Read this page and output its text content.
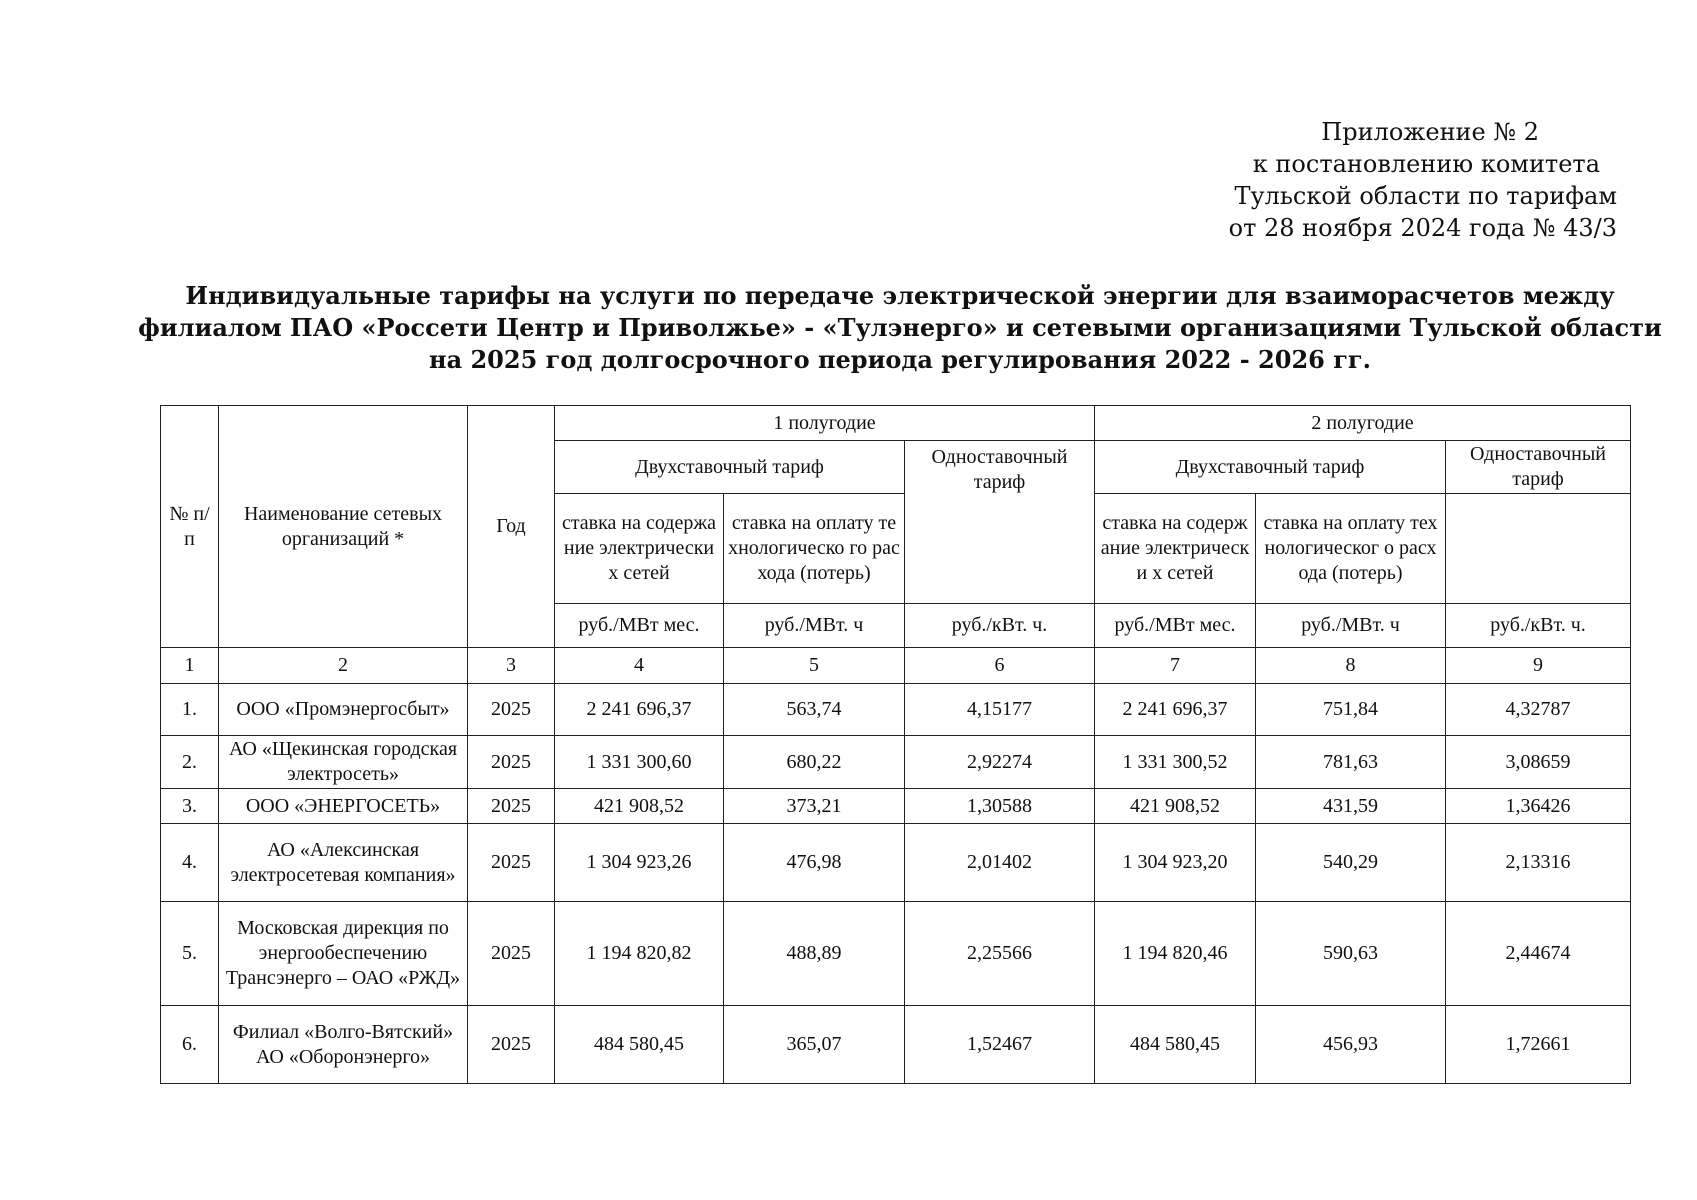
Приложение № 2
к постановлению комитета
Тульской области по тарифам
от 28 ноября 2024 года № 43/3
Индивидуальные тарифы на услуги по передаче электрической энергии для взаиморасчетов между
филиалом ПАО «Россети Центр и Приволжье» - «Тулэнерго» и сетевыми организациями Тульской области
на 2025 год долгосрочного периода регулирования 2022 - 2026 гг.
№ п/п	Наименование сетевых организаций *	Год	1 полугодие			2 полугодие		
			Двухставочный тариф		Одноставочный тариф	Двухставочный тариф		Одноставочный тариф
			ставка на содержание электрических сетей	ставка на оплату технологическо го расхода (потерь)		ставка на содержание электрически х сетей	ставка на оплату технологическог о расхода (потерь)	
			руб./МВт мес.	руб./МВт. ч	руб./кВт. ч.	руб./МВт мес.	руб./МВт. ч	руб./кВт. ч.

1	2	3	4	5	6	7	8	9
1.	ООО «Промэнергосбыт»	2025	2 241 696,37	563,74	4,15177	2 241 696,37	751,84	4,32787
2.	АО «Щекинская городская электросеть»	2025	1 331 300,60	680,22	2,92274	1 331 300,52	781,63	3,08659
3.	ООО «ЭНЕРГОСЕТЬ»	2025	421 908,52	373,21	1,30588	421 908,52	431,59	1,36426
4.	АО «Алексинская электросетевая компания»	2025	1 304 923,26	476,98	2,01402	1 304 923,20	540,29	2,13316
5.	Московская дирекция по энергообеспечению Трансэнерго – ОАО «РЖД»	2025	1 194 820,82	488,89	2,25566	1 194 820,46	590,63	2,44674
6.	Филиал «Волго-Вятский» АО «Оборонэнерго»	2025	484 580,45	365,07	1,52467	484 580,45	456,93	1,72661
